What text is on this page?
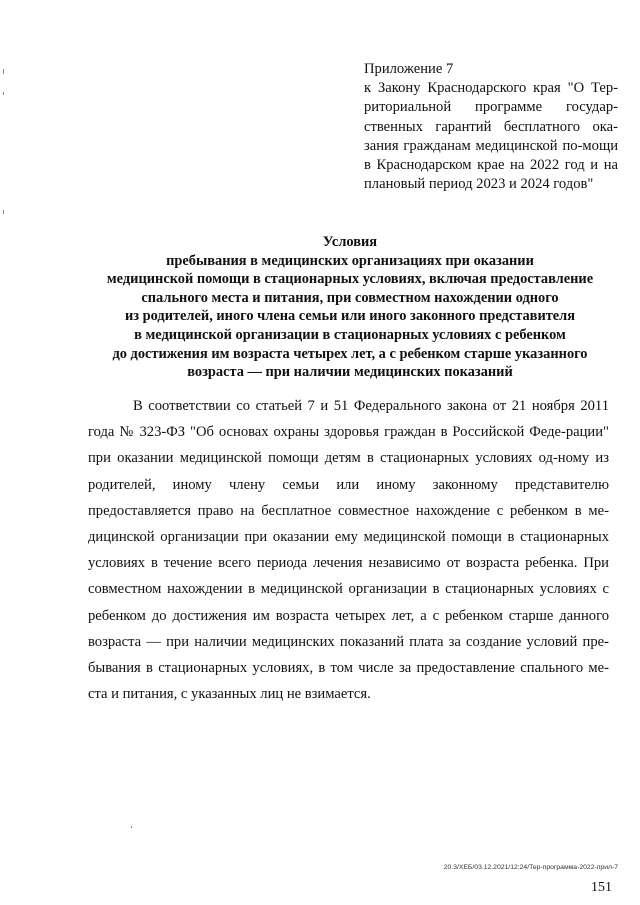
Приложение 7
к Закону Краснодарского края "О Тер-риториальной программе государ-ственных гарантий бесплатного ока-зания гражданам медицинской по-мощи в Краснодарском крае на 2022 год и на плановый период 2023 и 2024 годов"
Условия
пребывания в медицинских организациях при оказании
медицинской помощи в стационарных условиях, включая предоставление
спального места и питания, при совместном нахождении одного
из родителей, иного члена семьи или иного законного представителя
в медицинской организации в стационарных условиях с ребенком
до достижения им возраста четырех лет, а с ребенком старше указанного
возраста — при наличии медицинских показаний
В соответствии со статьей 7 и 51 Федерального закона от 21 ноября 2011 года № 323-ФЗ "Об основах охраны здоровья граждан в Российской Феде-рации" при оказании медицинской помощи детям в стационарных условиях од-ному из родителей, иному члену семьи или иному законному представителю предоставляется право на бесплатное совместное нахождение с ребенком в ме-дицинской организации при оказании ему медицинской помощи в стационарных условиях в течение всего периода лечения независимо от возраста ребенка. При совместном нахождении в медицинской организации в стационарных условиях с ребенком до достижения им возраста четырех лет, а с ребенком старше данного возраста — при наличии медицинских показаний плата за создание условий пре-бывания в стационарных условиях, в том числе за предоставление спального ме-ста и питания, с указанных лиц не взимается.
20.3/ХЕБ/03.12.2021/12:24/Тер-программа-2022-прил-7
151
